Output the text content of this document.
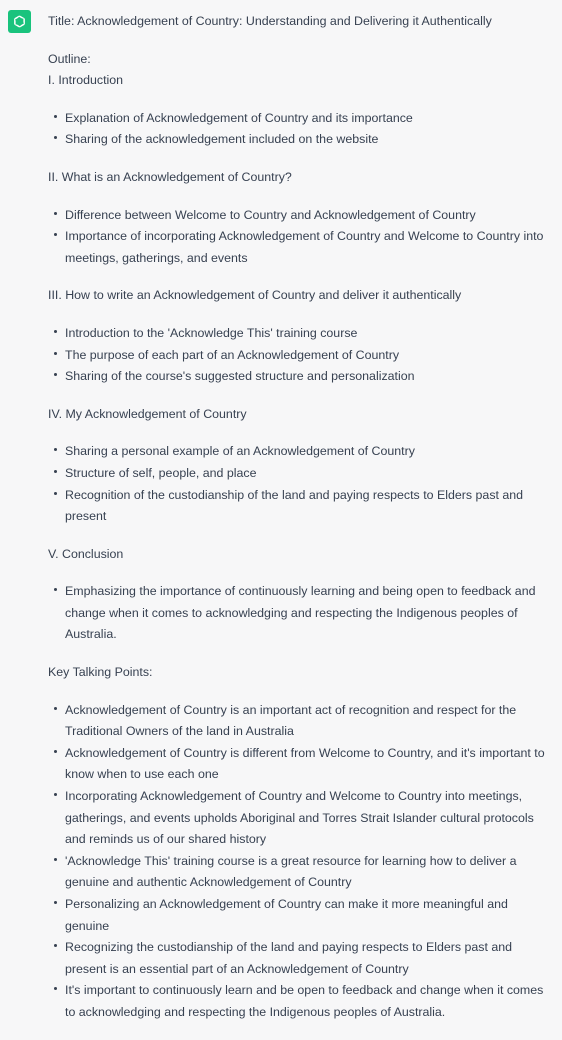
Title: Acknowledgement of Country: Understanding and Delivering it Authentically

Outline:

I. Introduction

Explanation of Acknowledgement of Country and its importance
Sharing of the acknowledgement included on the website

II. What is an Acknowledgement of Country?

Difference between Welcome to Country and Acknowledgement of Country
Importance of incorporating Acknowledgement of Country and Welcome to Country into meetings, gatherings, and events

III. How to write an Acknowledgement of Country and deliver it authentically

Introduction to the 'Acknowledge This' training course
The purpose of each part of an Acknowledgement of Country
Sharing of the course's suggested structure and personalization

IV. My Acknowledgement of Country

Sharing a personal example of an Acknowledgement of Country
Structure of self, people, and place
Recognition of the custodianship of the land and paying respects to Elders past and present

V. Conclusion

Emphasizing the importance of continuously learning and being open to feedback and change when it comes to acknowledging and respecting the Indigenous peoples of Australia.

Key Talking Points:

Acknowledgement of Country is an important act of recognition and respect for the Traditional Owners of the land in Australia
Acknowledgement of Country is different from Welcome to Country, and it's important to know when to use each one
Incorporating Acknowledgement of Country and Welcome to Country into meetings, gatherings, and events upholds Aboriginal and Torres Strait Islander cultural protocols and reminds us of our shared history
'Acknowledge This' training course is a great resource for learning how to deliver a genuine and authentic Acknowledgement of Country
Personalizing an Acknowledgement of Country can make it more meaningful and genuine
Recognizing the custodianship of the land and paying respects to Elders past and present is an essential part of an Acknowledgement of Country
It's important to continuously learn and be open to feedback and change when it comes to acknowledging and respecting the Indigenous peoples of Australia.
